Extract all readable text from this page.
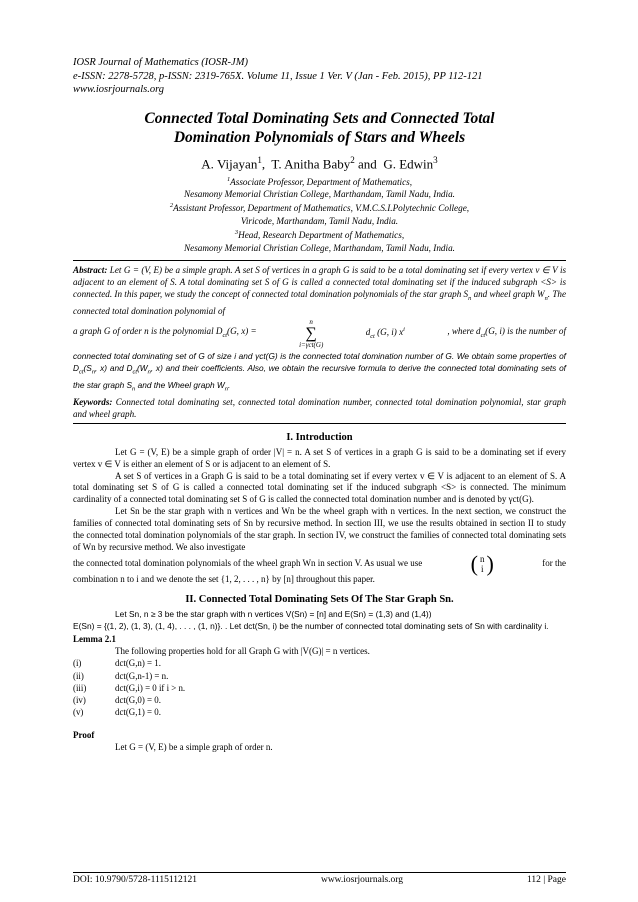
IOSR Journal of Mathematics (IOSR-JM)
e-ISSN: 2278-5728, p-ISSN: 2319-765X. Volume 11, Issue 1 Ver. V (Jan - Feb. 2015), PP 112-121
www.iosrjournals.org
Connected Total Dominating Sets and Connected Total
Domination Polynomials of Stars and Wheels
A. Vijayan$^1$,  T. Anitha Baby$^2$ and G. Edwin$^3$
$^1$Associate Professor, Department of Mathematics,
Nesamony Memorial Christian College, Marthandam, Tamil Nadu, India.
$^2$Assistant Professor, Department of Mathematics, V.M.C.S.I.Polytechnic College,
Viricode, Marthandam, Tamil Nadu, India.
$^3$Head, Research Department of Mathematics,
Nesamony Memorial Christian College, Marthandam, Tamil Nadu, India.
Abstract: Let G = (V, E) be a simple graph. A set S of vertices in a graph G is said to be a total dominating set if every vertex v ∈ V is adjacent to an element of S. A total dominating set S of G is called a connected total dominating set if the induced subgraph <S> is connected. In this paper, we study the concept of connected total domination polynomials of the star graph $S_n$ and wheel graph $W_n$. The connected total domination polynomial of
a graph G of order n is the polynomial $D_{ct}(G$, x) =
n
∑
i=γct(G)
$d_{ct}$ (G, i) $x^i$	, where $d_{ct}(G$, i) is the number of
connected total dominating set of G of size i and γct(G) is the connected total domination number of G. We obtain some properties of $D_{ct}(S_n$, x) and $D_{ct}(W_n$, x) and their coefficients. Also, we obtain the recursive formula to derive the connected total dominating sets of the star graph $S_n$ and the Wheel graph $W_n$.
Keywords: Connected total dominating set, connected total domination number, connected total domination polynomial, star graph and wheel graph.
I. Introduction
Let G = (V, E) be a simple graph of order |V| = n. A set S of vertices in a graph G is said to be a dominating set if every vertex v ∈ V is either an element of S or is adjacent to an element of S.
A set S of vertices in a Graph G is said to be a total dominating set if every vertex v ∈ V is adjacent to an element of S. A total dominating set S of G is called a connected total dominating set if the induced subgraph <S> is connected. The minimum cardinality of a connected total dominating set S of G is called the connected total domination number and is denoted by γct(G).
Let Sn be the star graph with n vertices and Wn be the wheel graph with n vertices. In the next section, we construct the families of connected total dominating sets of Sn by recursive method. In section III, we use the results obtained in section II to study the connected total domination polynomials of the star graph. In section IV, we construct the families of connected total dominating sets of Wn by recursive method. We also investigate
the connected total domination polynomials of the wheel graph Wn in section V. As usual we use ( n
i )	for the
combination n to i and we denote the set {1, 2, . . . , n} by [n] throughout this paper.
II. Connected Total Dominating Sets Of The Star Graph Sn.
Let Sn, n ≥ 3 be the star graph with n vertices V(Sn) = [n] and E(Sn) = (1,3) and (1,4))
E(Sn) = {(1, 2), (1, 3), (1, 4), . . . , (1, n)}. . Let dct(Sn, i) be the number of connected total dominating sets of Sn with cardinality i.
Lemma 2.1
The following properties hold for all Graph G with |V(G)| = n vertices.
(i)	dct(G,n) = 1.
(ii)	dct(G,n-1) = n.
(iii)	dct(G,i) = 0 if i > n.
(iv)	dct(G,0) = 0.
(v)	dct(G,1) = 0.
Proof
Let G = (V, E) be a simple graph of order n.
DOI: 10.9790/5728-1115112121	www.iosrjournals.org	112 | Page
